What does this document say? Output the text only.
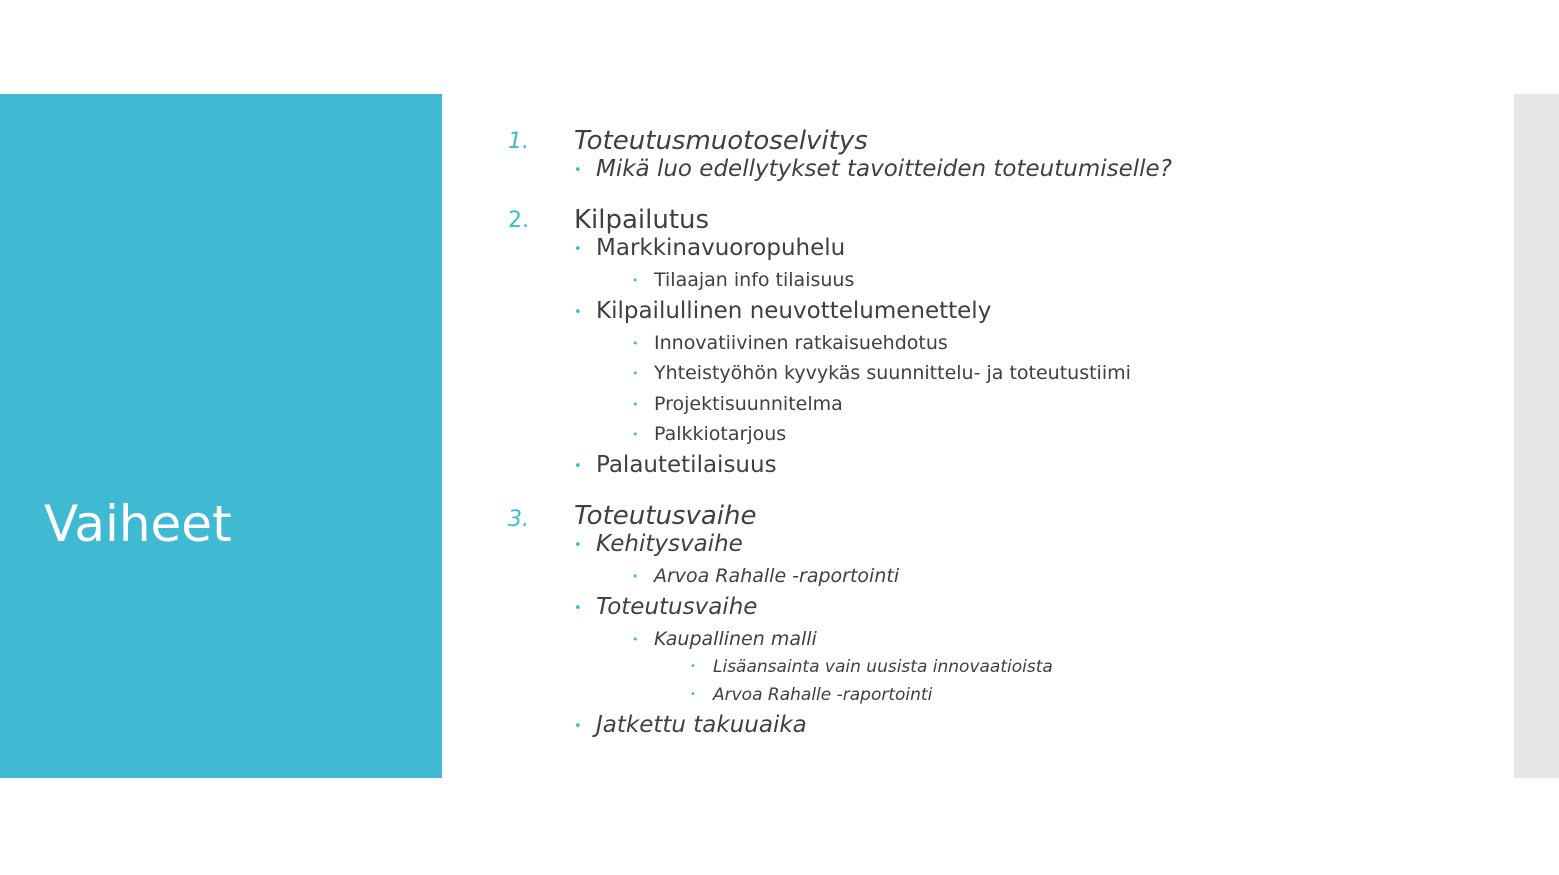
Vaiheet
1. Toteutusmuotoselvitys
• Mikä luo edellytykset tavoitteiden toteutumiselle?
2. Kilpailutus
• Markkinavuoropuhelu
• Tilaajan info tilaisuus
• Kilpailullinen neuvottelumenettely
• Innovatiivinen ratkaisuehdotus
• Yhteistyöhön kyvykäs suunnittelu- ja toteutustiimi
• Projektisuunnitelma
• Palkkiotarjous
• Palautetilaisuus
3. Toteutusvaihe
• Kehitysvaihe
• Arvoa Rahalle -raportointi
• Toteutusvaihe
• Kaupallinen malli
• Lisäansainta vain uusista innovaatioista
• Arvoa Rahalle -raportointi
• Jatkettu takuuaika
